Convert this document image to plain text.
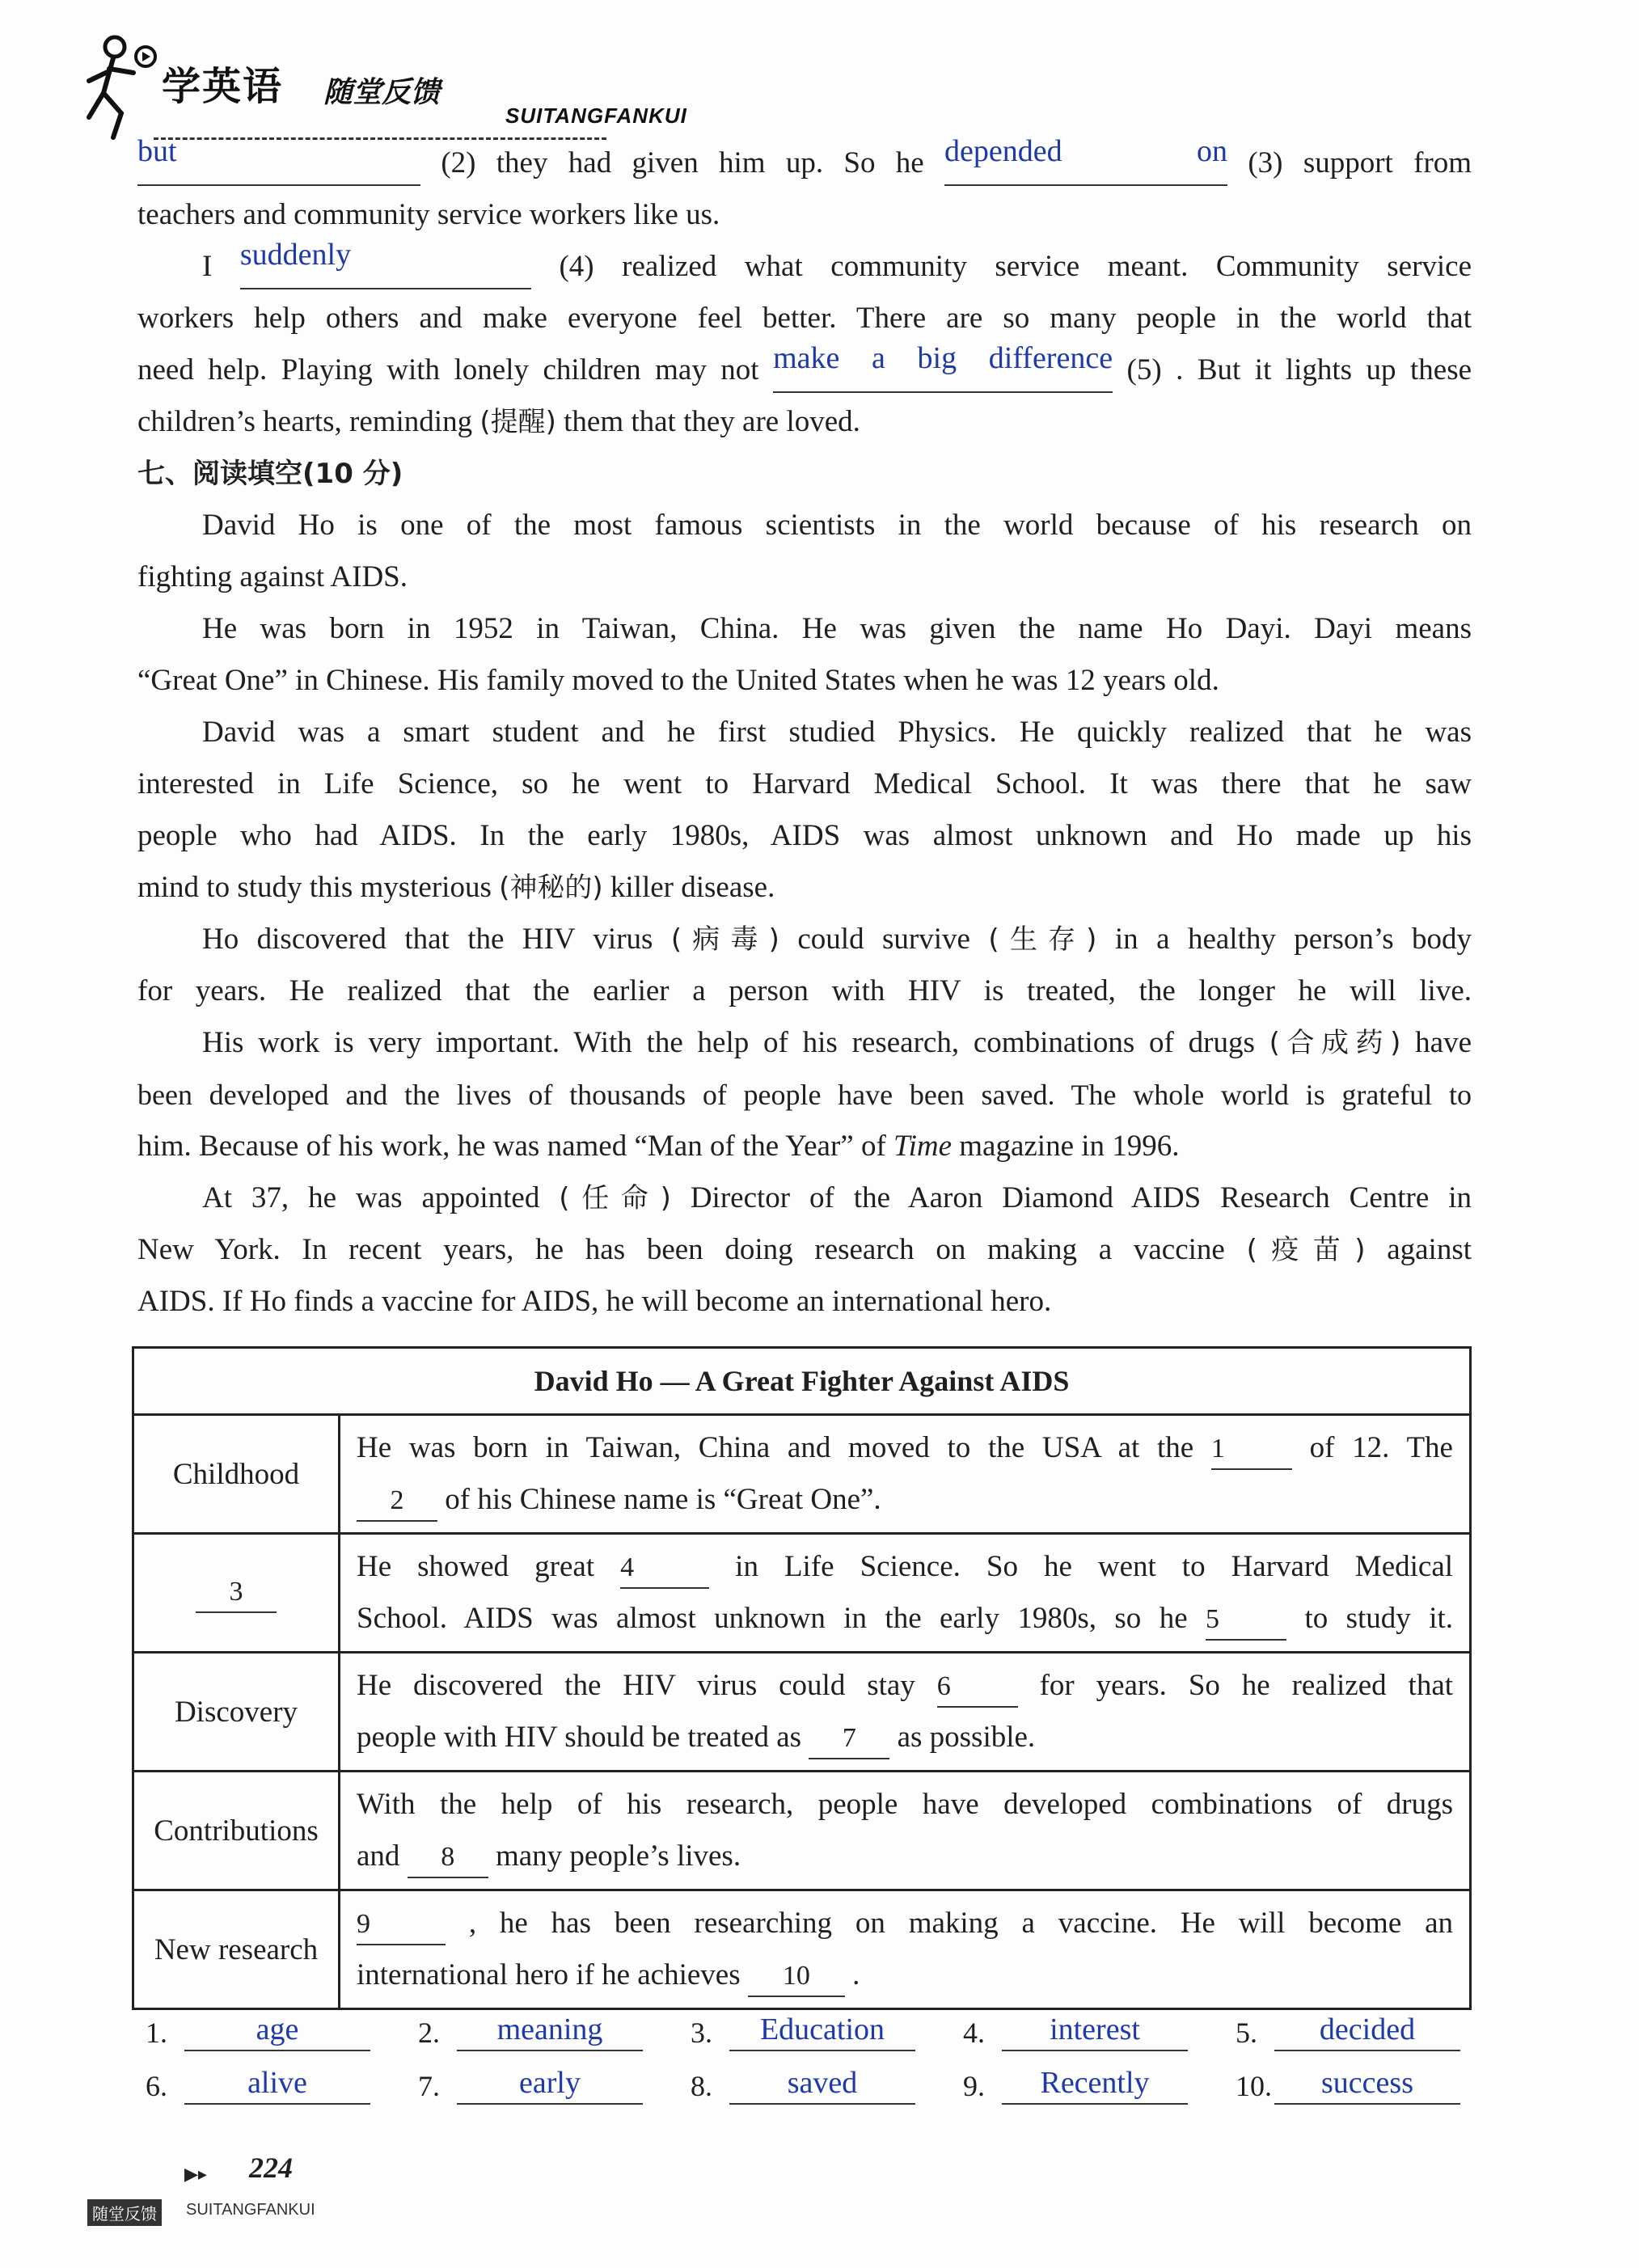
学英语 随堂反馈
SUITANGFANKUI
but	(2) they had given him up. So he depended on (3) support from
teachers and community service workers like us.
I suddenly	(4) realized what community service meant. Community service
workers help others and make everyone feel better. There are so many people in the world that
need help. Playing with lonely children may not make a big difference (5) . But it lights up these
children’s hearts, reminding (提醒) them that they are loved.
七、阅读填空(10 分)
David Ho is one of the most famous scientists in the world because of his research on
fighting against AIDS.
He was born in 1952 in Taiwan, China. He was given the name Ho Dayi. Dayi means
“Great One” in Chinese. His family moved to the United States when he was 12 years old.
David was a smart student and he first studied Physics. He quickly realized that he was
interested in Life Science, so he went to Harvard Medical School. It was there that he saw
people who had AIDS. In the early 1980s, AIDS was almost unknown and Ho made up his
mind to study this mysterious (神秘的) killer disease.
Ho discovered that the HIV virus (病毒) could survive (生存) in a healthy person’s body
for years. He realized that the earlier a person with HIV is treated, the longer he will live.
His work is very important. With the help of his research, combinations of drugs (合成药) have
been developed and the lives of thousands of people have been saved. The whole world is grateful to
him. Because of his work, he was named “Man of the Year” of Time magazine in 1996.
At 37, he was appointed (任命) Director of the Aaron Diamond AIDS Research Centre in
New York. In recent years, he has been doing research on making a vaccine (疫苗) against
AIDS. If Ho finds a vaccine for AIDS, he will become an international hero.
David Ho — A Great Fighter Against AIDS	
Childhood	He was born in Taiwan, China and moved to the USA at the 1 of 12. The
2 of his Chinese name is “Great One”.

3	He showed great 4 in Life Science. So he went to Harvard Medical
School. AIDS was almost unknown in the early 1980s, so he 5 to study it.

Discovery	He discovered the HIV virus could stay 6 for years. So he realized that
people with HIV should be treated as 7 as possible.

Contributions	With the help of his research, people have developed combinations of drugs
and 8 many people’s lives.

New research	9 , he has been researching on making a vaccine. He will become an
international hero if he achieves 10 .
1.	age	2.	meaning	3.	Education	4.	interest	5.	decided
6.	alive	7.	early	8.	saved	9.	Recently	10.	success
▶▸ 224
随堂反馈	SUITANGFANKUI
